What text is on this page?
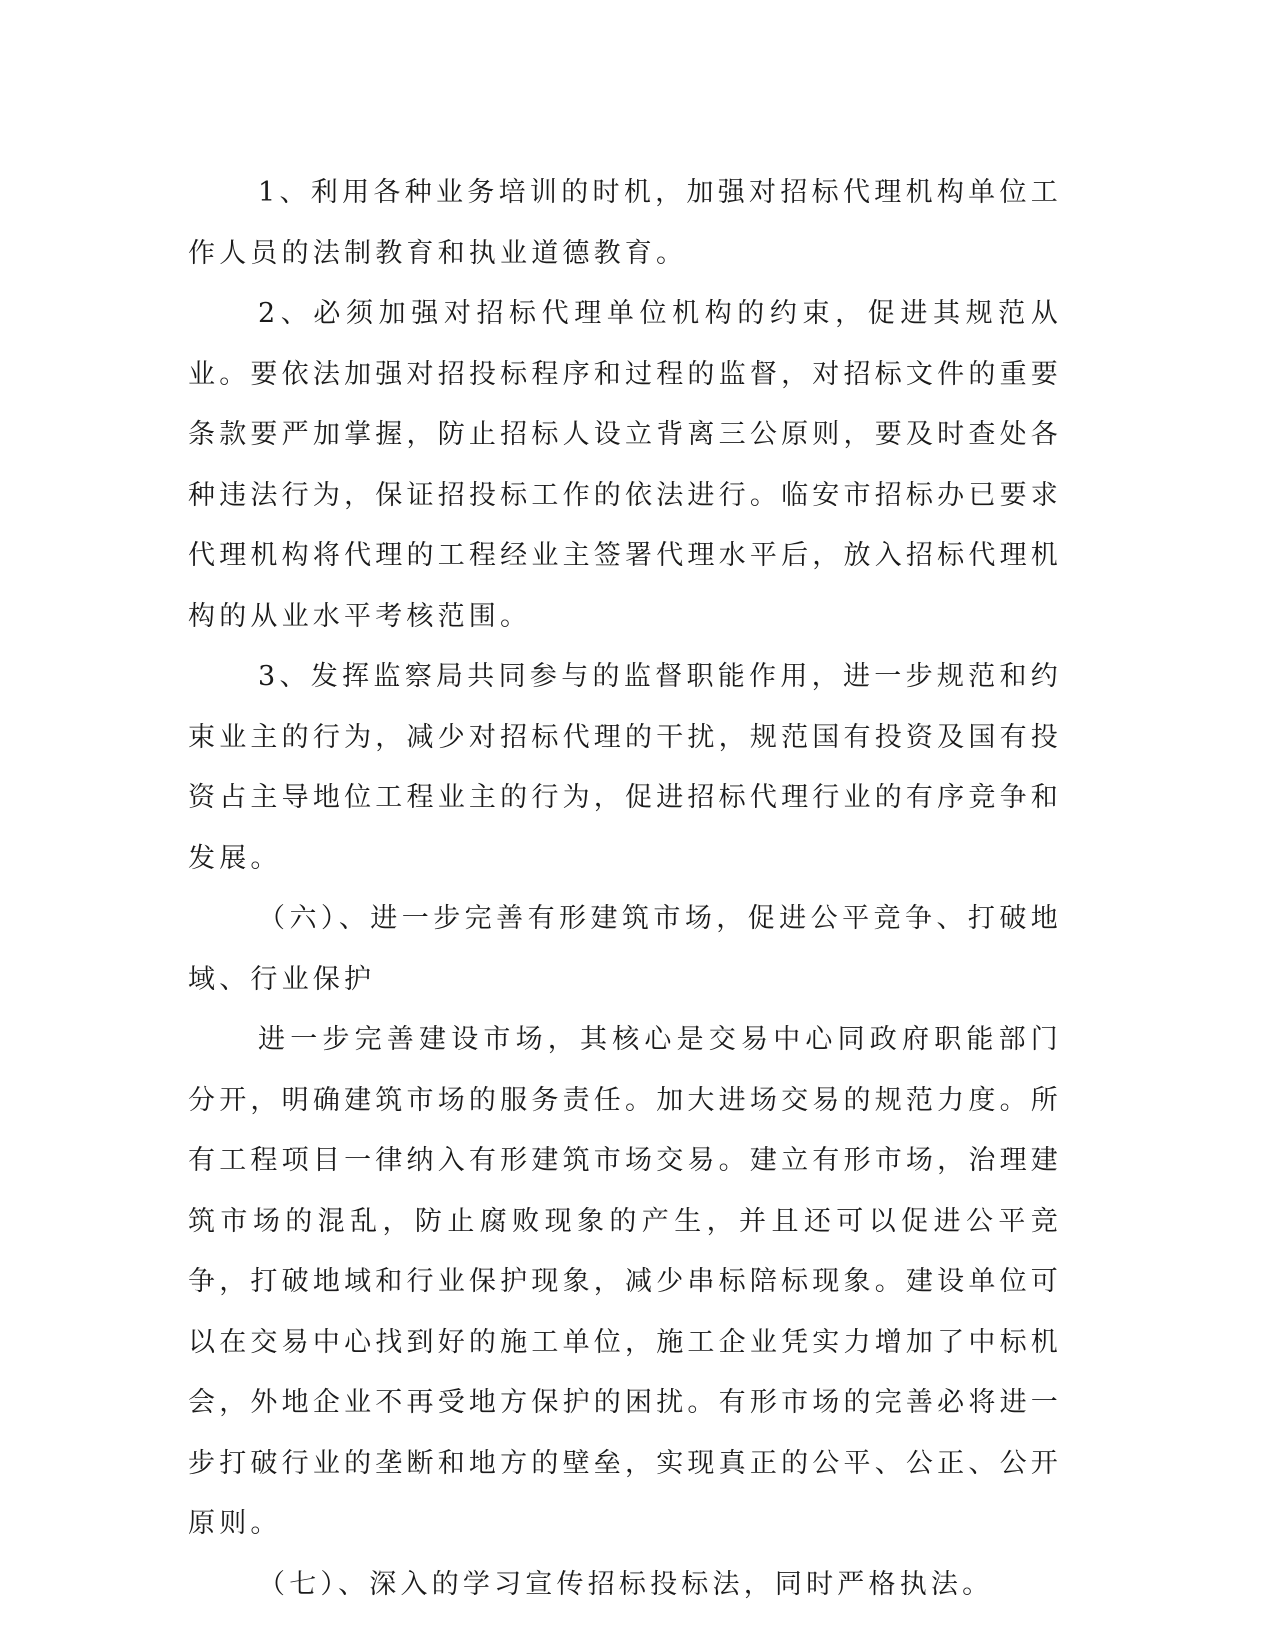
1、利用各种业务培训的时机，加强对招标代理机构单位工作人员的法制教育和执业道德教育。

2、必须加强对招标代理单位机构的约束，促进其规范从业。要依法加强对招投标程序和过程的监督，对招标文件的重要条款要严加掌握，防止招标人设立背离三公原则，要及时查处各种违法行为，保证招投标工作的依法进行。临安市招标办已要求代理机构将代理的工程经业主签署代理水平后，放入招标代理机构的从业水平考核范围。

3、发挥监察局共同参与的监督职能作用，进一步规范和约束业主的行为，减少对招标代理的干扰，规范国有投资及国有投资占主导地位工程业主的行为，促进招标代理行业的有序竞争和发展。

（六）、进一步完善有形建筑市场，促进公平竞争、打破地域、行业保护

进一步完善建设市场，其核心是交易中心同政府职能部门分开，明确建筑市场的服务责任。加大进场交易的规范力度。所有工程项目一律纳入有形建筑市场交易。建立有形市场，治理建筑市场的混乱，防止腐败现象的产生，并且还可以促进公平竞争，打破地域和行业保护现象，减少串标陪标现象。建设单位可以在交易中心找到好的施工单位，施工企业凭实力增加了中标机会，外地企业不再受地方保护的困扰。有形市场的完善必将进一步打破行业的垄断和地方的壁垒，实现真正的公平、公正、公开原则。

（七）、深入的学习宣传招标投标法，同时严格执法。
